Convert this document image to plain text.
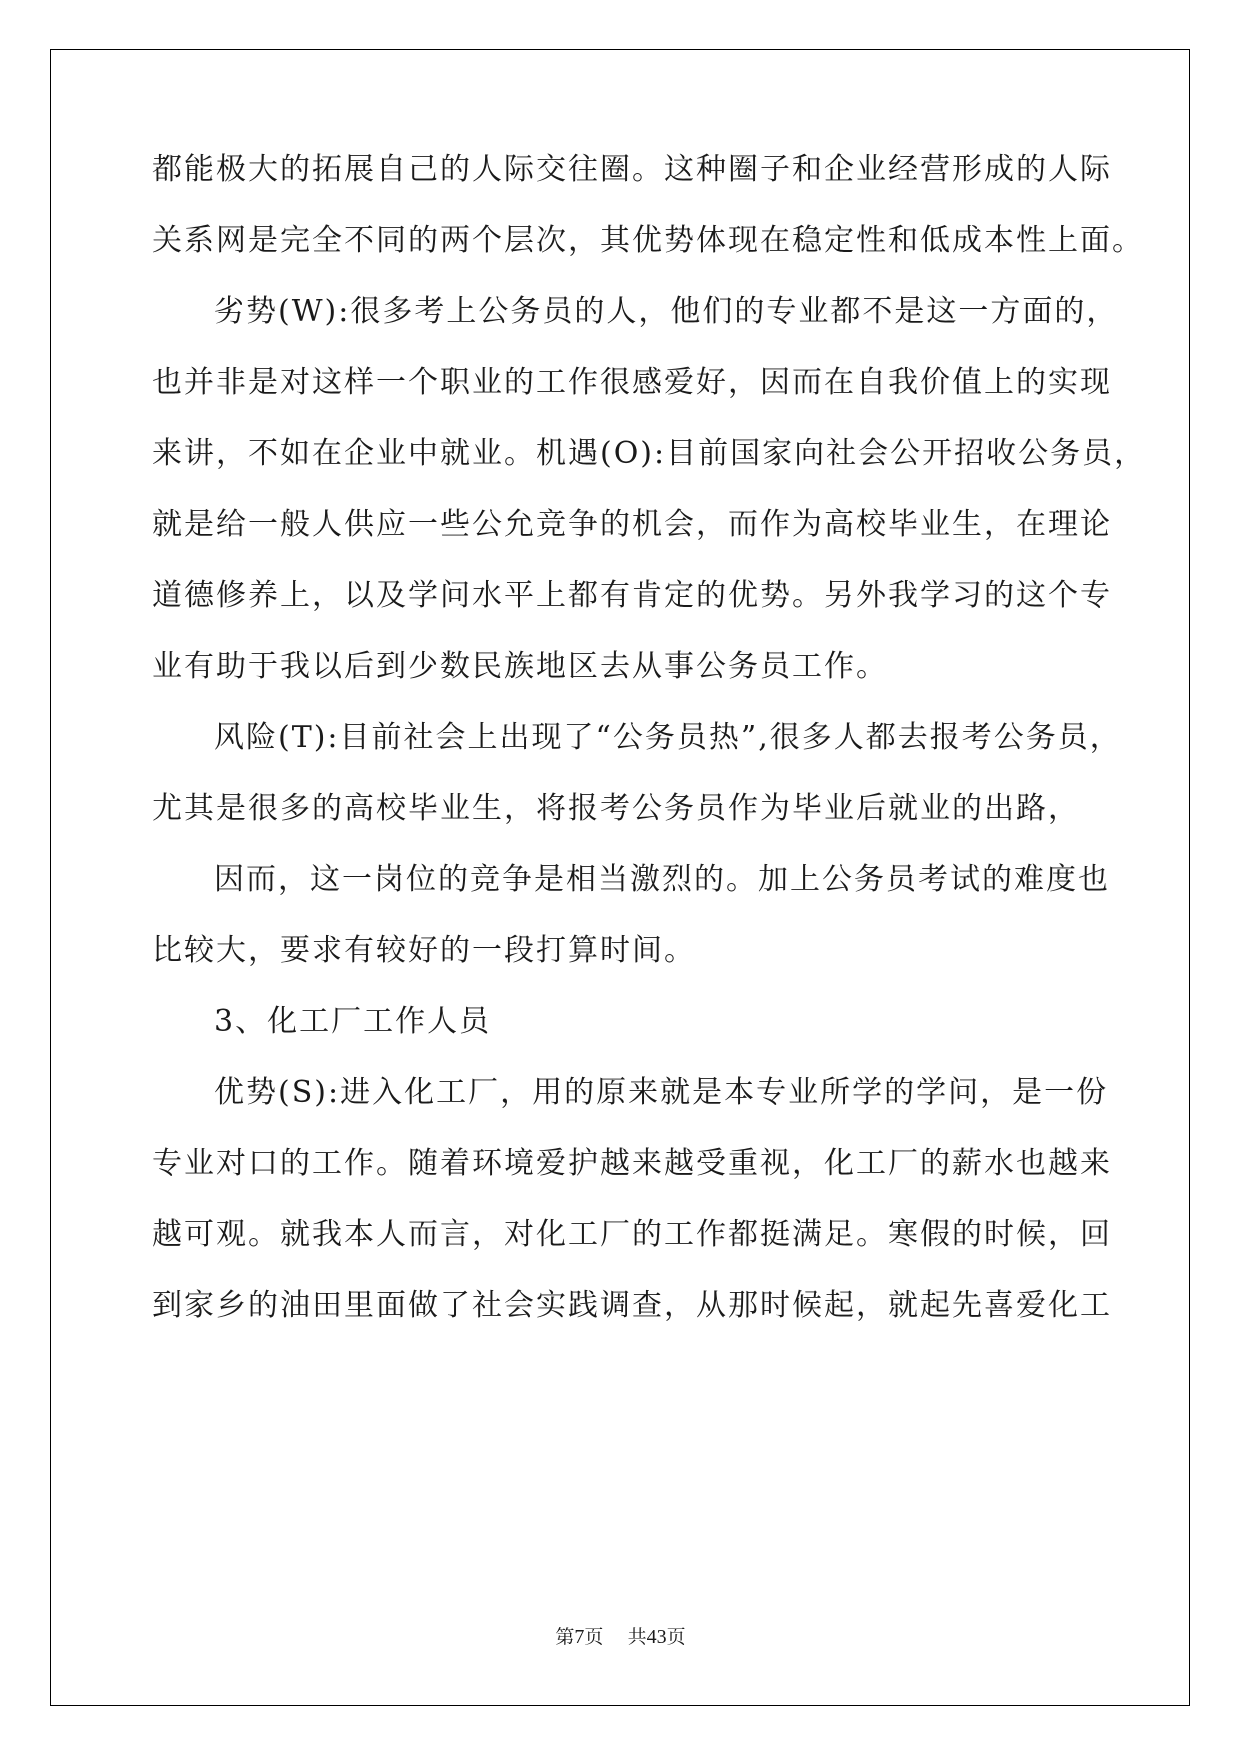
都能极大的拓展自己的人际交往圈。这种圈子和企业经营形成的人际
关系网是完全不同的两个层次，其优势体现在稳定性和低成本性上面。
劣势(W):很多考上公务员的人，他们的专业都不是这一方面的，
也并非是对这样一个职业的工作很感爱好，因而在自我价值上的实现
来讲，不如在企业中就业。机遇(O):目前国家向社会公开招收公务员，
就是给一般人供应一些公允竞争的机会，而作为高校毕业生，在理论
道德修养上，以及学问水平上都有肯定的优势。另外我学习的这个专
业有助于我以后到少数民族地区去从事公务员工作。
风险(T):目前社会上出现了“公务员热”,很多人都去报考公务员，
尤其是很多的高校毕业生，将报考公务员作为毕业后就业的出路，
因而，这一岗位的竞争是相当激烈的。加上公务员考试的难度也
比较大，要求有较好的一段打算时间。
3、化工厂工作人员
优势(S):进入化工厂，用的原来就是本专业所学的学问，是一份
专业对口的工作。随着环境爱护越来越受重视，化工厂的薪水也越来
越可观。就我本人而言，对化工厂的工作都挺满足。寒假的时候，回
到家乡的油田里面做了社会实践调查，从那时候起，就起先喜爱化工
第7页 共43页
